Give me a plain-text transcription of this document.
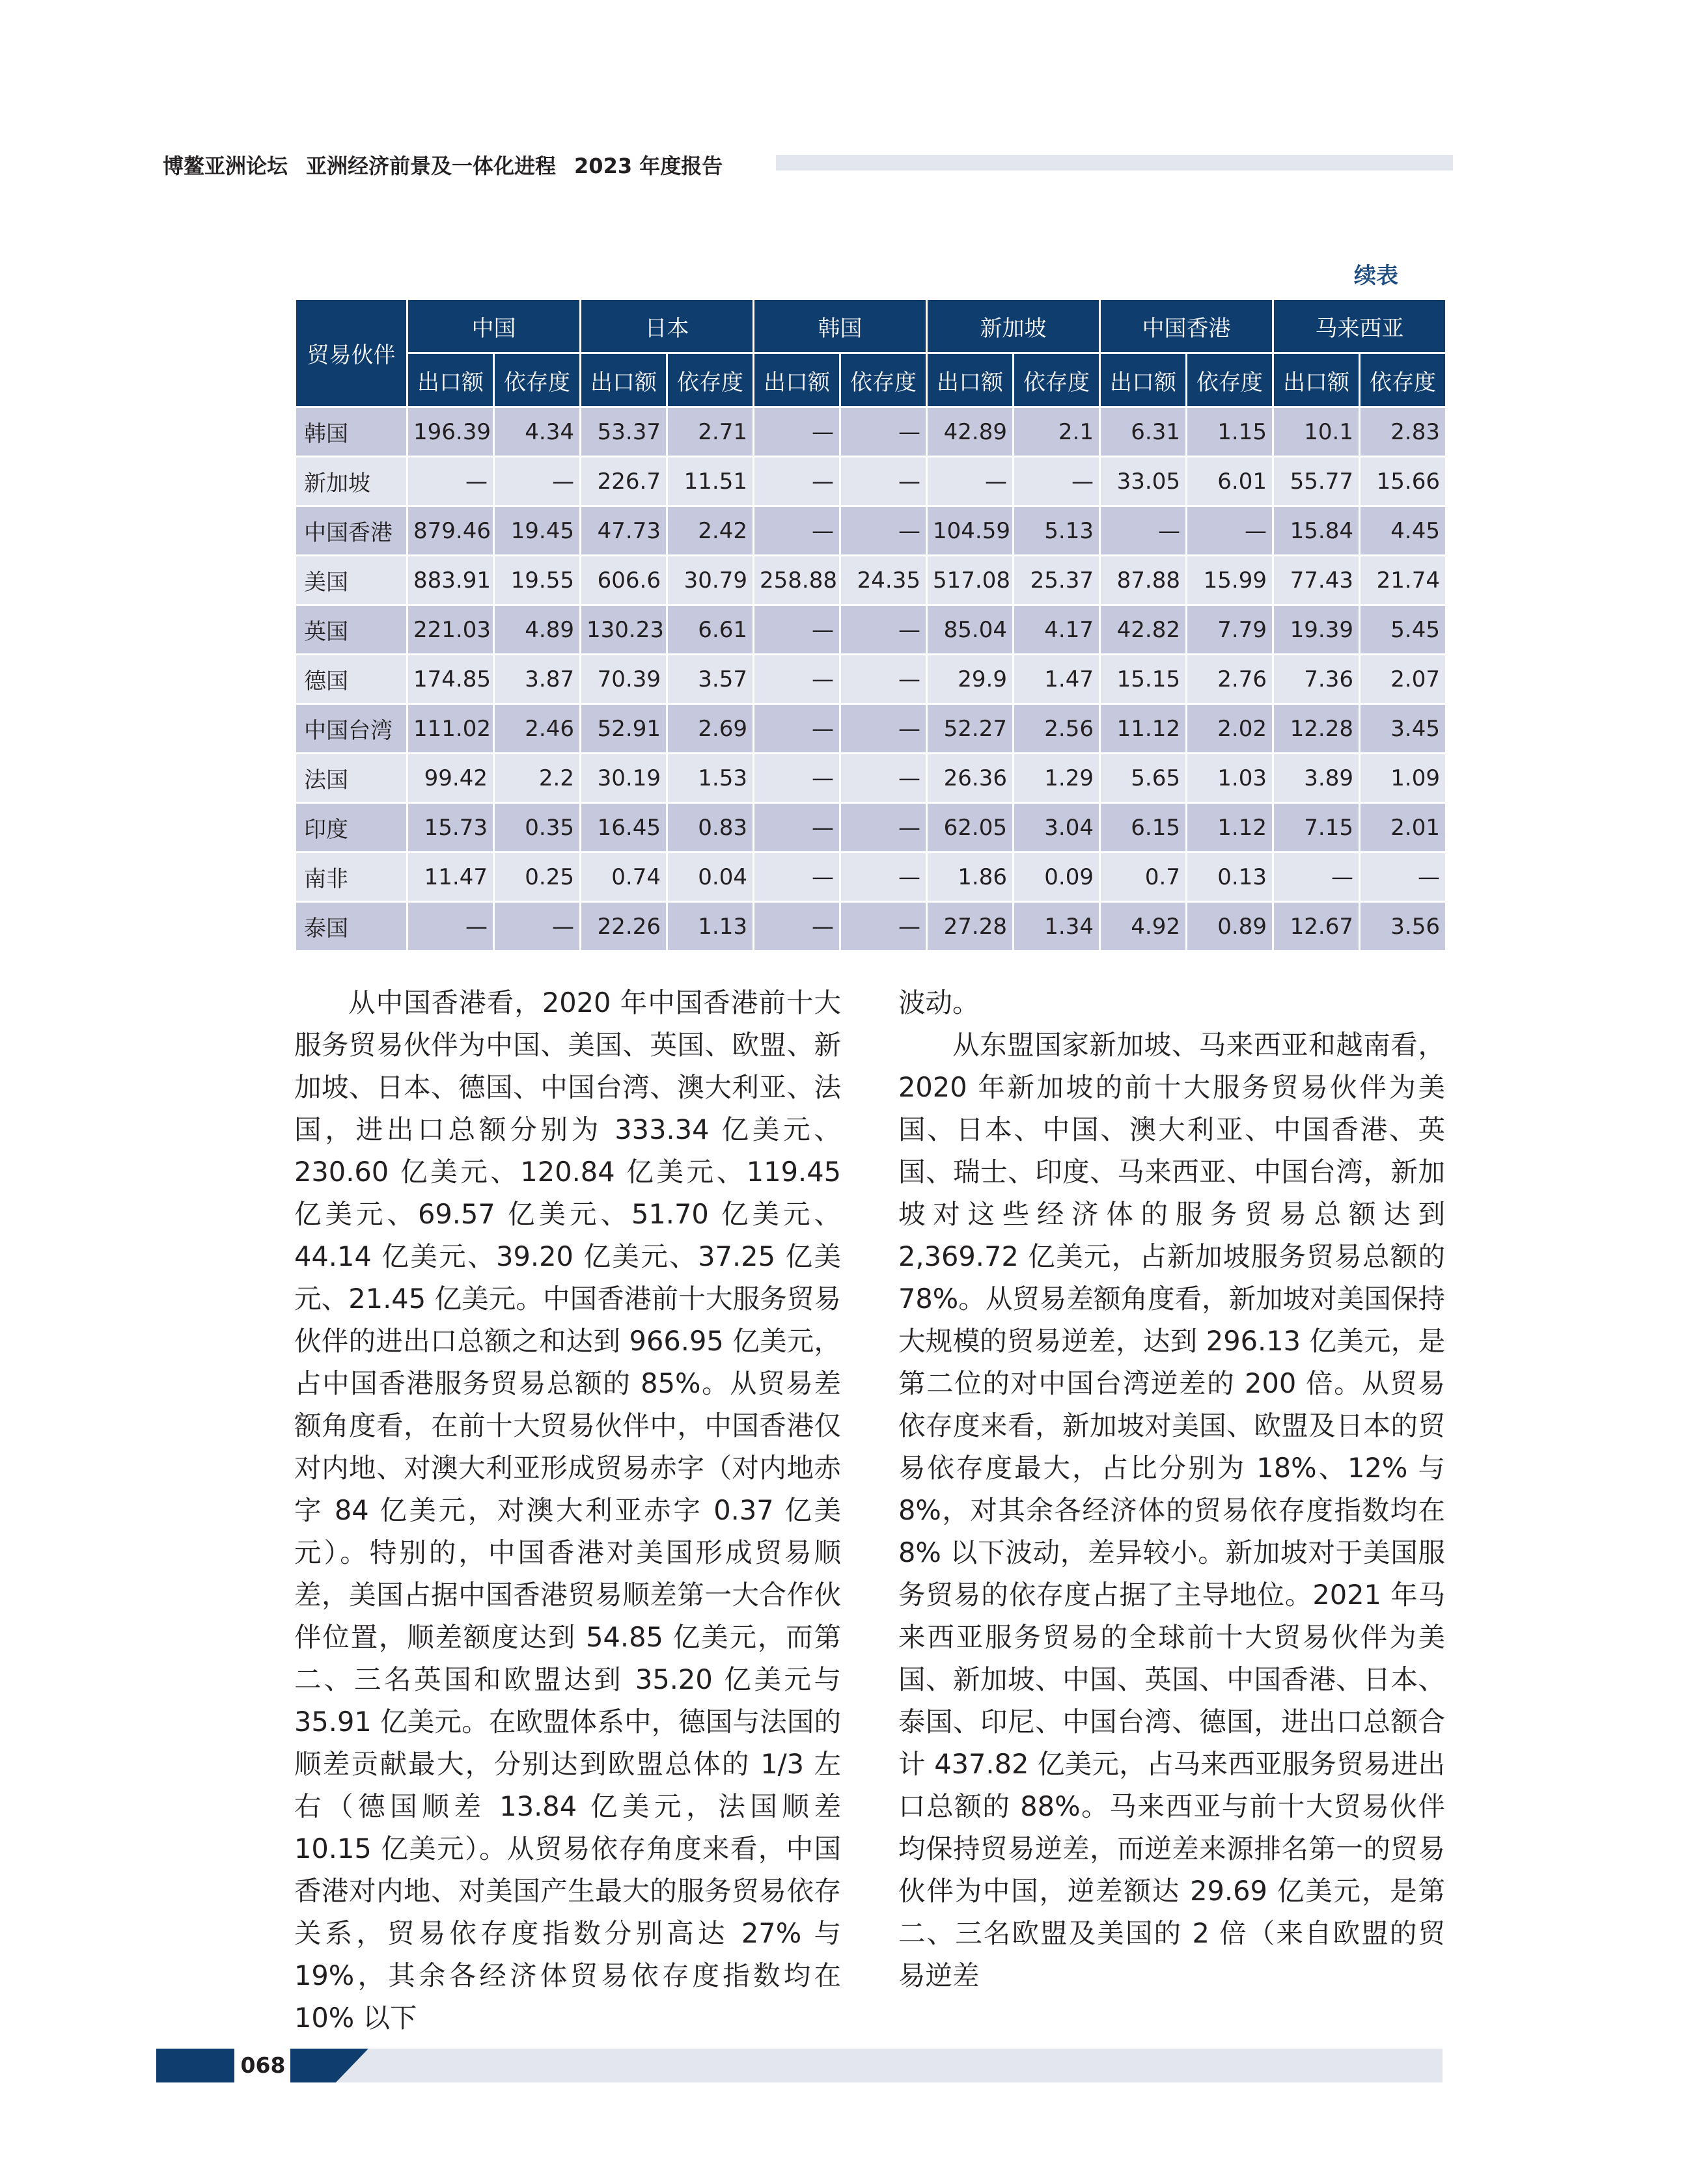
博鳌亚洲论坛 亚洲经济前景及一体化进程 2023 年度报告
续表
贸易伙伴	中国		日本		韩国		新加坡		中国香港		马来西亚	
	出口额	依存度	出口额	依存度	出口额	依存度	出口额	依存度	出口额	依存度	出口额	依存度
韩国	196.39	4.34	53.37	2.71	—	—	42.89	2.1	6.31	1.15	10.1	2.83
新加坡	—	—	226.7	11.51	—	—	—	—	33.05	6.01	55.77	15.66
中国香港	879.46	19.45	47.73	2.42	—	—	104.59	5.13	—	—	15.84	4.45
美国	883.91	19.55	606.6	30.79	258.88	24.35	517.08	25.37	87.88	15.99	77.43	21.74
英国	221.03	4.89	130.23	6.61	—	—	85.04	4.17	42.82	7.79	19.39	5.45
德国	174.85	3.87	70.39	3.57	—	—	29.9	1.47	15.15	2.76	7.36	2.07
中国台湾	111.02	2.46	52.91	2.69	—	—	52.27	2.56	11.12	2.02	12.28	3.45
法国	99.42	2.2	30.19	1.53	—	—	26.36	1.29	5.65	1.03	3.89	1.09
印度	15.73	0.35	16.45	0.83	—	—	62.05	3.04	6.15	1.12	7.15	2.01
南非	11.47	0.25	0.74	0.04	—	—	1.86	0.09	0.7	0.13	—	—
泰国	—	—	22.26	1.13	—	—	27.28	1.34	4.92	0.89	12.67	3.56

从中国香港看，2020 年中国香港前十大服务贸易伙伴为中国、美国、英国、欧盟、新加坡、日本、德国、中国台湾、澳大利亚、法国，进出口总额分别为 333.34 亿美元、230.60 亿美元、120.84 亿美元、119.45 亿美元、69.57 亿美元、51.70 亿美元、44.14 亿美元、39.20 亿美元、37.25 亿美元、21.45 亿美元。中国香港前十大服务贸易伙伴的进出口总额之和达到 966.95 亿美元，占中国香港服务贸易总额的 85%。从贸易差额角度看，在前十大贸易伙伴中，中国香港仅对内地、对澳大利亚形成贸易赤字（对内地赤字 84 亿美元，对澳大利亚赤字 0.37 亿美元）。特别的，中国香港对美国形成贸易顺差，美国占据中国香港贸易顺差第一大合作伙伴位置，顺差额度达到 54.85 亿美元，而第二、三名英国和欧盟达到 35.20 亿美元与 35.91 亿美元。在欧盟体系中，德国与法国的顺差贡献最大，分别达到欧盟总体的 1/3 左右（德国顺差 13.84 亿美元，法国顺差 10.15 亿美元）。从贸易依存角度来看，中国香港对内地、对美国产生最大的服务贸易依存关系，贸易依存度指数分别高达 27% 与 19%，其余各经济体贸易依存度指数均在 10% 以下

波动。

从东盟国家新加坡、马来西亚和越南看，2020 年新加坡的前十大服务贸易伙伴为美国、日本、中国、澳大利亚、中国香港、英国、瑞士、印度、马来西亚、中国台湾，新加坡对这些经济体的服务贸易总额达到 2,369.72 亿美元，占新加坡服务贸易总额的 78%。从贸易差额角度看，新加坡对美国保持大规模的贸易逆差，达到 296.13 亿美元，是第二位的对中国台湾逆差的 200 倍。从贸易依存度来看，新加坡对美国、欧盟及日本的贸易依存度最大，占比分别为 18%、12% 与 8%，对其余各经济体的贸易依存度指数均在 8% 以下波动，差异较小。新加坡对于美国服务贸易的依存度占据了主导地位。2021 年马来西亚服务贸易的全球前十大贸易伙伴为美国、新加坡、中国、英国、中国香港、日本、泰国、印尼、中国台湾、德国，进出口总额合计 437.82 亿美元，占马来西亚服务贸易进出口总额的 88%。马来西亚与前十大贸易伙伴均保持贸易逆差，而逆差来源排名第一的贸易伙伴为中国，逆差额达 29.69 亿美元，是第二、三名欧盟及美国的 2 倍（来自欧盟的贸易逆差

068
